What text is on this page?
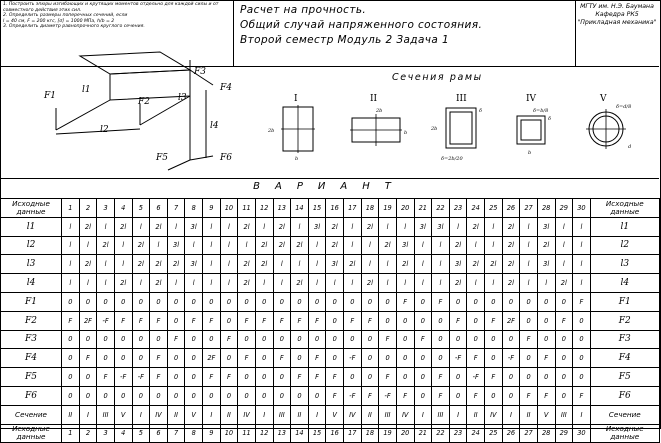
1. Построить эпюры изгибающих и крутящих моментов отдельно для каждой силы и от совместного действия этих сил.
2. Определить размеры поперечных сечений, если
l = 40 см, F = 200 кгс, [σ] = 1000 МПа, h/b = 2
3. Определить диаметр равнопрочного круглого сечения.
Расчет на прочность.
Общий случай напряженного состояния.
Второй семестр Модуль 2 Задача 1
МГТУ им. Н.Э. Баумана
Кафедра РК5
"Прикладная механика"
F1
F2
F3
F4
F5	F6
l1
l2
l3
l4	2b
b
2b
b
2b
δ
δ=2b/20
b
δ=b/8
δ
d
δ=d/8
Сечения рамы
I	II	III	IV	V
ВАРИАНТ
Исходные данные	1	2	3	4	5	6	7	8	9	10	11	12	13	14	15	16	17	18	19	20	21	22	23	24	25	26	27	28	29	30	Исходные данные
l1	l	2l	l	2l	l	2l	l	3l	l	l	2l	l	2l	l	3l	2l	l	2l	l	l	3l	3l	l	2l	l	2l	l	3l	l	l	l1
l2	l	l	2l	l	2l	l	3l	l	l	l	l	2l	2l	2l	l	2l	l	l	2l	3l	l	l	2l	l	l	2l	l	2l	l	l	l2
l3	l	2l	l	l	2l	2l	2l	3l	l	l	2l	2l	l	l	l	3l	2l	l	l	2l	l	l	3l	2l	2l	2l	l	3l	l	l	l3
l4	l	l	l	2l	l	2l	l	l	l	l	2l	l	l	2l	l	l	l	2l	l	l	l	l	2l	l	l	2l	l	l	2l	l	l4
F1	0	0	0	0	0	0	0	0	0	0	0	0	0	0	0	0	0	0	0	F	0	F	0	0	0	0	0	0	0	F	F1
F2	F	2F	-F	F	F	F	0	F	F	0	F	F	F	F	F	0	F	F	0	0	0	0	F	0	F	2F	0	0	F	0	F2
F3	0	0	0	0	0	0	F	0	0	F	0	0	0	0	0	0	0	0	F	0	F	0	0	0	0	0	F	0	0	0	F3
F4	0	F	0	0	0	F	0	0	2F	0	F	0	F	0	F	0	-F	0	0	0	0	0	-F	F	0	-F	0	F	0	0	F4
F5	0	0	F	-F	-F	F	0	0	F	F	0	0	0	F	F	F	0	0	F	0	0	F	0	-F	F	0	0	0	0	0	F5
F6	0	0	0	0	0	0	0	0	0	0	0	0	0	0	0	F	-F	F	-F	F	0	F	0	F	0	0	F	F	0	F	F6
Сечение	II	I	III	V	I	IV	II	V	I	II	IV	I	III	II	I	V	IV	II	III	IV	I	III	I	II	IV	I	II	V	III	I	Сечение
Исходные данные	1	2	3	4	5	6	7	8	9	10	11	12	13	14	15	16	17	18	19	20	21	22	23	24	25	26	27	28	29	30	Исходные данные
